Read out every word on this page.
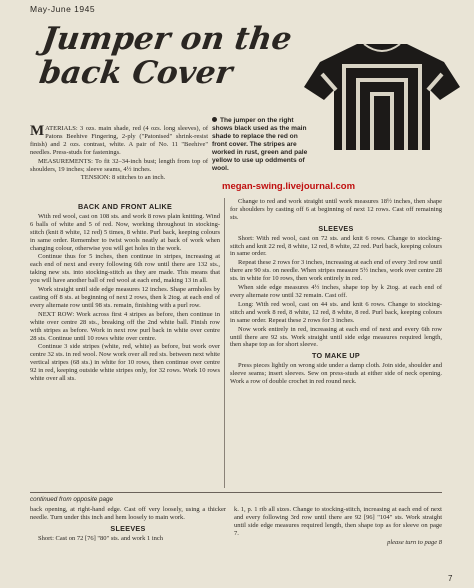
May-June 1945
Jumper on the
back Cover
The jumper on the right shows black used as the main shade to replace the red on front cover. The stripes are worked in rust, green and pale yellow to use up oddments of wool.
megan-swing.livejournal.com

MATERIALS: 3 ozs. main shade, red (4 ozs. long sleeves), of Patons Beehive Fingering, 2-ply ("Patonised" shrink-resist finish) and 2 ozs. contrast, white. A pair of No. 11 "Beehive" needles. Press-studs for fastenings.

MEASUREMENTS: To fit 32–34-inch bust; length from top of shoulders, 19 inches; sleeve seams, 4½ inches.

TENSION: 8 stitches to an inch.

BACK AND FRONT ALIKE

With red wool, cast on 108 sts. and work 8 rows plain knitting. Wind 6 balls of white and 5 of red. Now, working throughout in stocking-stitch (knit 8 white, 12 red) 5 times, 8 white. Purl back, keeping colours in same order. Remember to twist wools neatly at back of work when changing colour, otherwise you will get holes in the work.

Continue thus for 5 inches, then continue in stripes, increasing at each end of next and every following 6th row until there are 132 sts., taking new sts. into stocking-stitch as they are made. This means that you will have another ball of red wool at each end, making 13 in all.

Work straight until side edge measures 12 inches. Shape armholes by casting off 8 sts. at beginning of next 2 rows, then k 2tog. at each end of every alternate row until 98 sts. remain, finishing with a purl row.

NEXT ROW: Work across first 4 stripes as before, then continue in white over centre 28 sts., breaking off the 2nd white ball. Finish row with stripes as before. Work in next row purl back in white over centre 28 sts. Continue until 10 rows white over centre.

Continue 3 side stripes (white, red, white) as before, but work over centre 32 sts. in red wool. Now work over all red sts. between next white vertical stripes (68 sts.) in white for 10 rows, then continue over centre 92 in red, keeping outside white stripes only, for 32 rows. Work 10 rows white over all sts.

Change to red and work straight until work measures 18½ inches, then shape for shoulders by casting off 6 at beginning of next 12 rows. Cast off remaining sts.

SLEEVES

Short: With red wool, cast on 72 sts. and knit 6 rows. Change to stocking-stitch and knit 22 red, 8 white, 12 red, 8 white, 22 red. Purl back, keeping colours in same order.

Repeat these 2 rows for 3 inches, increasing at each end of every 3rd row until there are 90 sts. on needle. When stripes measure 5½ inches, work over centre 28 sts. in white for 10 rows, then work entirely in red.

When side edge measures 4½ inches, shape top by k 2tog. at each end of every alternate row until 32 remain. Cast off.

Long: With red wool, cast on 44 sts. and knit 6 rows. Change to stocking-stitch and work 8 red, 8 white, 12 red, 8 white, 8 red. Purl back, keeping colours in same order. Repeat these 2 rows for 3 inches.

Now work entirely in red, increasing at each end of next and every 6th row until there are 92 sts. Work straight until side edge measures required length, then shape top as for short sleeve.

TO MAKE UP

Press pieces lightly on wrong side under a damp cloth. Join side, shoulder and sleeve seams; insert sleeves. Sew on press-studs at either side of neck opening. Work a row of double crochet in red round neck.

continued from opposite page

back opening, at right-hand edge. Cast off very loosely, using a thicker needle. Turn under this inch and hem loosely to main work.

SLEEVES

Short: Cast on 72 [76] "80" sts. and work 1 inch

k. 1, p. 1 rib all sizes. Change to stocking-stitch, increasing at each end of next and every following 3rd row until there are 92 [96] "104" sts. Work straight until side edge measures required length, then shape top as for sleeve on page 7.

please turn to page 8

7
